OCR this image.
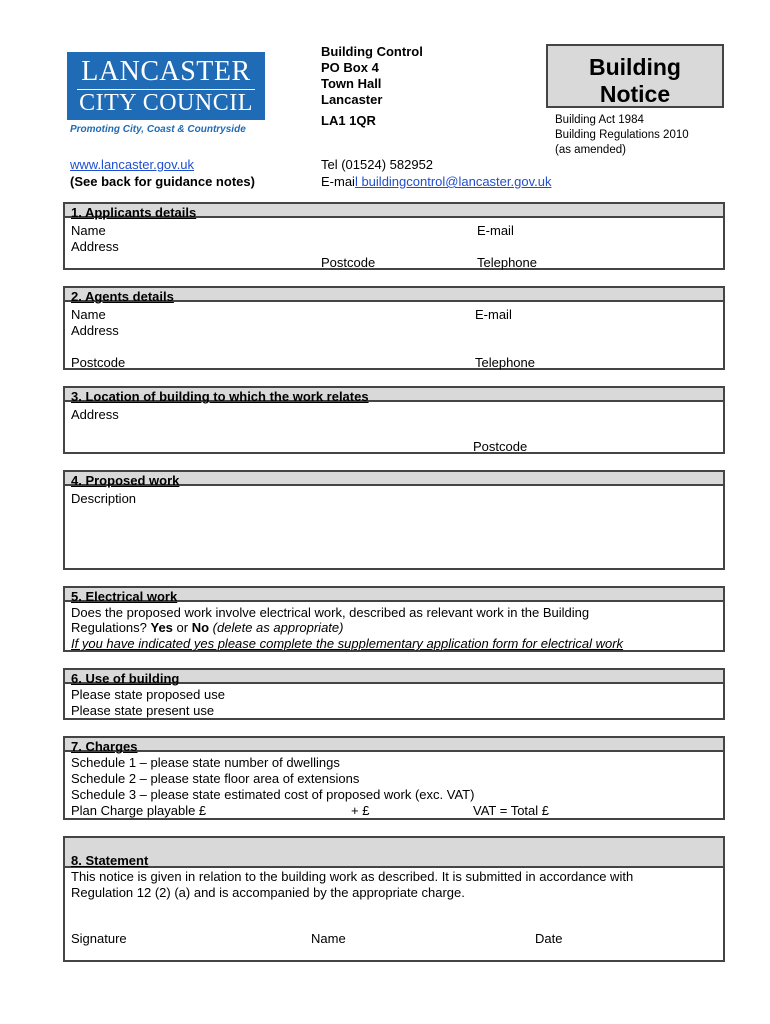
LANCASTER
CITY COUNCIL
Promoting City, Coast & Countryside
Building Control
PO Box 4
Town Hall
Lancaster
LA1 1QR
Building
Notice
Building Act 1984
Building Regulations 2010
(as amended)
www.lancaster.gov.uk
(See back for guidance notes)
Tel (01524) 582952
E-mail buildingcontrol@lancaster.gov.uk
1. Applicants details
Name	E-mail
Address
Postcode	Telephone
2. Agents details
Name	E-mail
Address
Postcode	Telephone
3. Location of building to which the work relates
Address
Postcode
4. Proposed work
Description
5. Electrical work
Does the proposed work involve electrical work, described as relevant work in the Building
Regulations? Yes or No (delete as appropriate)
If you have indicated yes please complete the supplementary application form for electrical work
6. Use of building
Please state proposed use
Please state present use
7. Charges
Schedule 1 – please state number of dwellings
Schedule 2 – please state floor area of extensions
Schedule 3 – please state estimated cost of proposed work (exc. VAT)
Plan Charge playable £	+ £	VAT = Total £
8. Statement
This notice is given in relation to the building work as described. It is submitted in accordance with
Regulation 12 (2) (a) and is accompanied by the appropriate charge.
Signature	Name	Date
